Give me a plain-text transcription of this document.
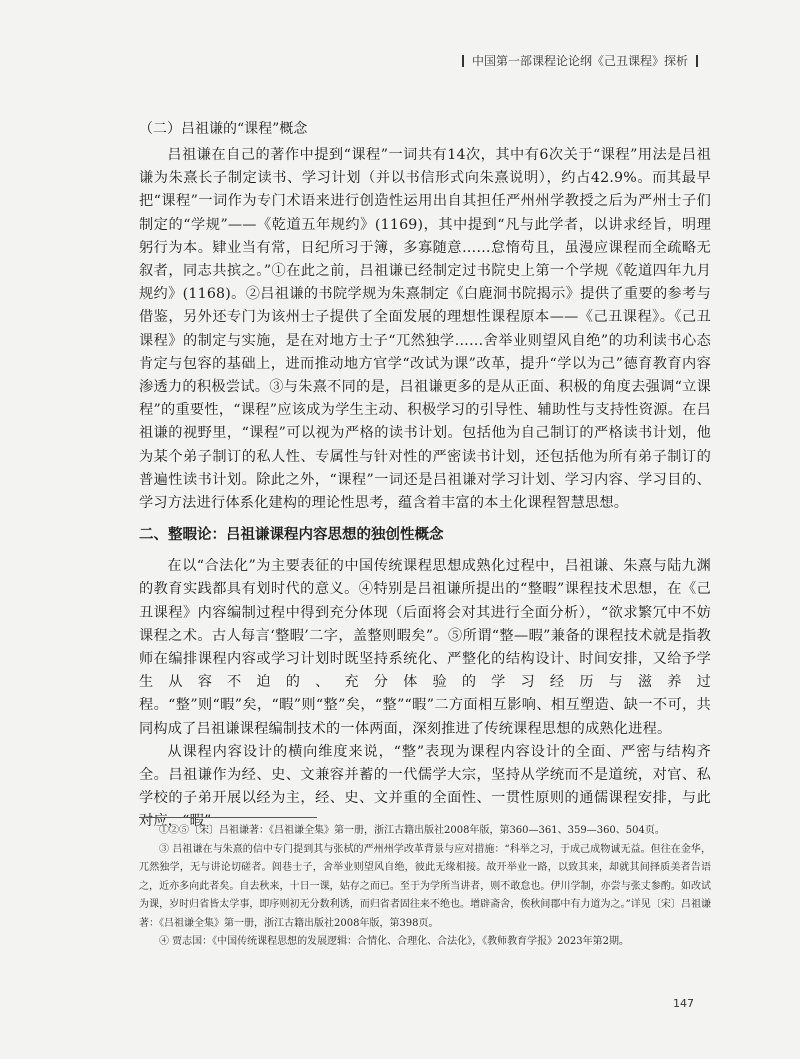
中国第一部课程论论纲《己丑课程》探析
（二）吕祖谦的“课程”概念

吕祖谦在自己的著作中提到“课程”一词共有14次，其中有6次关于“课程”用法是吕祖谦为朱熹长子制定读书、学习计划（并以书信形式向朱熹说明），约占42.9%。而其最早把“课程”一词作为专门术语来进行创造性运用出自其担任严州州学教授之后为严州士子们制定的“学规”——《乾道五年规约》(1169)，其中提到“凡与此学者，以讲求经旨，明理躬行为本。肄业当有常，日纪所习于簿，多寡随意……怠惰苟且，虽漫应课程而全疏略无叙者，同志共摈之。”①在此之前，吕祖谦已经制定过书院史上第一个学规《乾道四年九月规约》(1168)。②吕祖谦的书院学规为朱熹制定《白鹿洞书院揭示》提供了重要的参考与借鉴，另外还专门为该州士子提供了全面发展的理想性课程原本——《己丑课程》。《己丑课程》的制定与实施，是在对地方士子“兀然独学……舍举业则望风自绝”的功利读书心态肯定与包容的基础上，进而推动地方官学“改试为课”改革，提升“学以为己”德育教育内容渗透力的积极尝试。③与朱熹不同的是，吕祖谦更多的是从正面、积极的角度去强调“立课程”的重要性，“课程”应该成为学生主动、积极学习的引导性、辅助性与支持性资源。在吕祖谦的视野里，“课程”可以视为严格的读书计划。包括他为自己制订的严格读书计划，他为某个弟子制订的私人性、专属性与针对性的严密读书计划，还包括他为所有弟子制订的普遍性读书计划。除此之外，“课程”一词还是吕祖谦对学习计划、学习内容、学习目的、学习方法进行体系化建构的理论性思考，蕴含着丰富的本土化课程智慧思想。

二、整暇论：吕祖谦课程内容思想的独创性概念

在以“合法化”为主要表征的中国传统课程思想成熟化过程中，吕祖谦、朱熹与陆九渊的教育实践都具有划时代的意义。④特别是吕祖谦所提出的“整暇”课程技术思想，在《己丑课程》内容编制过程中得到充分体现（后面将会对其进行全面分析），“欲求繁冗中不妨课程之术。古人每言‘整暇’二字，盖整则暇矣”。⑤所谓“整—暇”兼备的课程技术就是指教师在编排课程内容或学习计划时既坚持系统化、严整化的结构设计、时间安排，又给予学生从容不迫的、充分体验的学习经历与滋养过程。“整”则“暇”矣，“暇”则“整”矣，“整”“暇”二方面相互影响、相互塑造、缺一不可，共同构成了吕祖谦课程编制技术的一体两面，深刻推进了传统课程思想的成熟化进程。

从课程内容设计的横向维度来说，“整”表现为课程内容设计的全面、严密与结构齐全。吕祖谦作为经、史、文兼容并蓄的一代儒学大宗，坚持从学统而不是道统，对官、私学校的子弟开展以经为主，经、史、文并重的全面性、一贯性原则的通儒课程安排，与此对应，“暇”

①②⑤〔宋〕吕祖谦著：《吕祖谦全集》第一册，浙江古籍出版社2008年版，第360—361、359—360、504页。

③ 吕祖谦在与朱熹的信中专门提到其与张栻的严州州学改革背景与应对措施：“科举之习，于成己成物诚无益。但往在金华，兀然独学，无与讲论切磋者。闾巷士子，舍举业则望风自绝，彼此无缘相接。故开举业一路，以致其来，却就其间择质美者告语之，近亦多向此者矣。自去秋来，十日一课，姑存之而已。至于为学所当讲者，则不敢怠也。伊川学制，亦尝与张丈参酌。如改试为课，岁时归省皆太学事，即序则初无分数利诱，而归省者固往来不绝也。增辟斋舍，俟秋间郡中有力道为之。”详见〔宋〕吕祖谦著：《吕祖谦全集》第一册，浙江古籍出版社2008年版，第398页。

④ 贾志国：《中国传统课程思想的发展逻辑：合情化、合理化、合法化》，《教师教育学报》2023年第2期。

147
